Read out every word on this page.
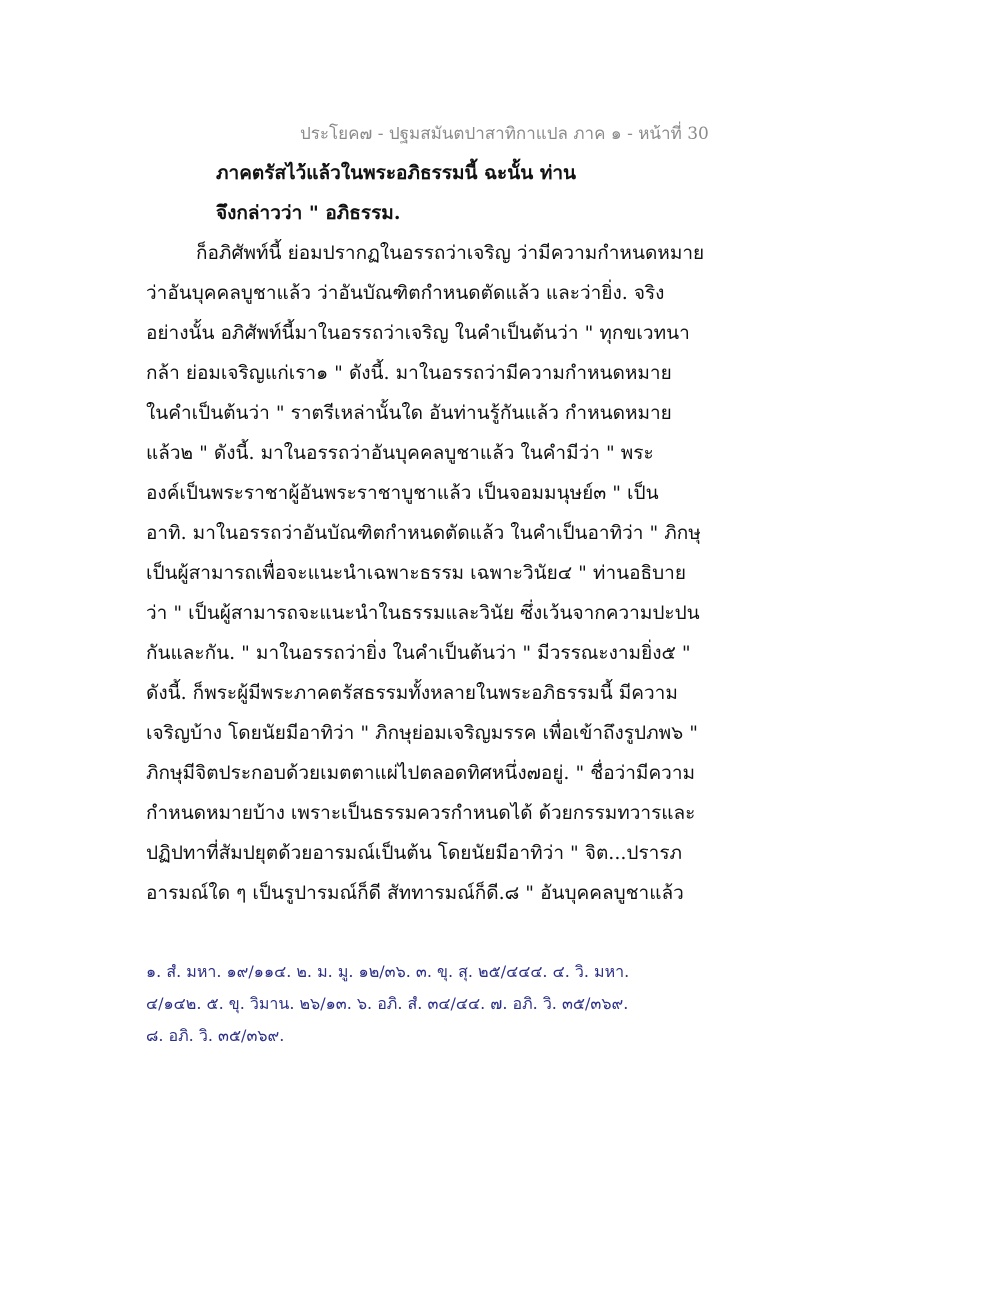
ประโยค๗ - ปฐมสมันตปาสาทิกาแปล ภาค ๑ - หน้าที่ 30
ภาคตรัสไว้แล้วในพระอภิธรรมนี้ ฉะนั้น ท่าน
จึงกล่าวว่า " อภิธรรม.
ก็อภิศัพท์นี้ ย่อมปรากฏในอรรถว่าเจริญ ว่ามีความกำหนดหมาย
ว่าอันบุคคลบูชาแล้ว ว่าอันบัณฑิตกำหนดตัดแล้ว และว่ายิ่ง. จริง
อย่างนั้น อภิศัพท์นี้มาในอรรถว่าเจริญ ในคำเป็นต้นว่า " ทุกขเวทนา
กล้า ย่อมเจริญแก่เรา๑ " ดังนี้. มาในอรรถว่ามีความกำหนดหมาย
ในคำเป็นต้นว่า " ราตรีเหล่านั้นใด อันท่านรู้กันแล้ว กำหนดหมาย
แล้ว๒ " ดังนี้. มาในอรรถว่าอันบุคคลบูชาแล้ว ในคำมีว่า " พระ
องค์เป็นพระราชาผู้อันพระราชาบูชาแล้ว เป็นจอมมนุษย์๓ " เป็น
อาทิ. มาในอรรถว่าอันบัณฑิตกำหนดตัดแล้ว ในคำเป็นอาทิว่า " ภิกษุ
เป็นผู้สามารถเพื่อจะแนะนำเฉพาะธรรม เฉพาะวินัย๔ " ท่านอธิบาย
ว่า " เป็นผู้สามารถจะแนะนำในธรรมและวินัย ซึ่งเว้นจากความปะปน
กันและกัน. " มาในอรรถว่ายิ่ง ในคำเป็นต้นว่า " มีวรรณะงามยิ่ง๕ "
ดังนี้. ก็พระผู้มีพระภาคตรัสธรรมทั้งหลายในพระอภิธรรมนี้ มีความ
เจริญบ้าง โดยนัยมีอาทิว่า " ภิกษุย่อมเจริญมรรค เพื่อเข้าถึงรูปภพ๖ "
ภิกษุมีจิตประกอบด้วยเมตตาแผ่ไปตลอดทิศหนึ่ง๗อยู่. " ชื่อว่ามีความ
กำหนดหมายบ้าง เพราะเป็นธรรมควรกำหนดได้ ด้วยกรรมทวารและ
ปฏิปทาที่สัมปยุตด้วยอารมณ์เป็นต้น โดยนัยมีอาทิว่า " จิต...ปรารภ
อารมณ์ใด ๆ เป็นรูปารมณ์ก็ดี สัททารมณ์ก็ดี.๘ " อันบุคคลบูชาแล้ว
๑. สํ. มหา. ๑๙/๑๑๔. ๒. ม. มู. ๑๒/๓๖. ๓. ขุ. สุ. ๒๕/๔๔๔. ๔. วิ. มหา.
๔/๑๔๒. ๕. ขุ. วิมาน. ๒๖/๑๓. ๖. อภิ. สํ. ๓๔/๔๔. ๗. อภิ. วิ. ๓๕/๓๖๙.
๘. อภิ. วิ. ๓๕/๓๖๙.
